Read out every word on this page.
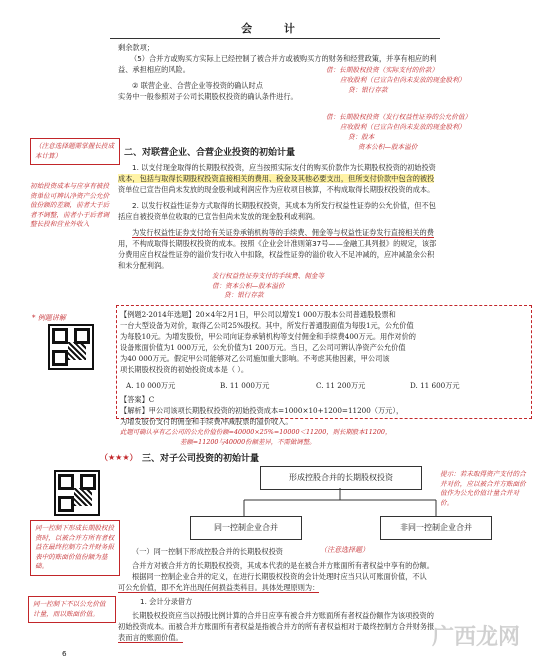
会 计
剩余款项；
（5）合并方或购买方实际上已经控制了被合并方或被购买方的财务和经营政策，并享有相应的利
益、承担相应的风险。
② 联营企业、合营企业等投资的确认时点
实务中一般参照对子公司长期股权投资的确认条件进行。
借：长期股权投资（实际支付的价款）
应收股利（已宣告但尚未发放的现金股利）
贷：银行存款
借：长期股权投资（发行权益性证券的公允价值）
应收股利（已宣告但尚未发放的现金股利）
贷：股本
资本公积—股本溢价
二、对联营企业、合营企业投资的初始计量
（注意选择题需掌握长投成本计算）
初始投资成本与应享有被投资单位可辨认净资产公允价值份额的差额，前者大于后者不调整，前者小于后者调整长投和营业外收入
1. 以支付现金取得的长期股权投资，应当按照实际支付的购买价款作为长期股权投资的初始投资
成本，包括与取得长期股权投资直接相关的费用、税金及其他必要支出，但所支付价款中包含的被投
资单位已宣告但尚未发放的现金股利或利润应作为应收项目核算，不构成取得长期股权投资的成本。
2. 以发行权益性证券方式取得的长期股权投资，其成本为所发行权益性证券的公允价值，但不包
括应自被投资单位收取的已宣告但尚未发放的现金股利或利润。
为发行权益性证券支付给有关证券承销机构等的手续费、佣金等与权益性证券发行直接相关的费
用，不构成取得长期股权投资的成本。按照《企业会计准则第37号——金融工具列报》的规定，该部
分费用应自权益性证券的溢价发行收入中扣除，权益性证券的溢价收入不足冲减的，应冲减盈余公积
和未分配利润。
发行权益性证券支付的手续费、佣金等
借：资本公积—股本溢价
贷：银行存款
* 例题讲解	【例题2·2014年选题】20×4年2月1日，甲公司以增发1 000万股本公司普通股股票和
一台大型设备为对价，取得乙公司25%股权。其中，所发行普通股面值为每股1元，公允价值
为每股10元。为增发股份，甲公司向证券承销机构等支付佣金和手续费400万元。用作对价的
设备账面价值为1 000万元，公允价值为1 200万元。当日，乙公司可辨认净资产公允价值
为40 000万元。假定甲公司能够对乙公司施加重大影响。不考虑其他因素，甲公司该
项长期股权投资的初始投资成本是（ ）。
A. 10 000万元	B. 11 000万元	C. 11 200万元	D. 11 600万元
【答案】C
【解析】甲公司该项长期股权投资的初始投资成本=1000×10+1200=11200（万元），
为增发股份支付的佣金和手续费冲减股票的溢价收入。
此题可确认享有乙公司的公允价值份额=40000×25%=10000＜11200，则长期股本11200，
差额=11200与40000份额差异，不需做调整。
（★★★） 三、对子公司投资的初始计量
形成控股合并的长期股权投资
同一控制企业合并	非同一控制企业合并
提示：若未取得资产支付的合并对价，应以被合并方账面价值作为公允价值计量合并对价。
同一控制下形成长期股权投资时，以被合并方所有者权益在最终控制方合并财务报表中的账面价值份额为基础。
（一）同一控制下形成控股合并的长期股权投资	（注意选择题）
合并方对被合并方的长期股权投资，其成本代表的是在被合并方账面所有者权益中享有的份额。
根据同一控制企业合并的定义，在进行长期股权投资的会计处理时应当只认可账面价值，不认
可公允价值，即不允许出现任何损益类科目。具体处理原则为：
1. 会计分录借方
长期股权投资应当以持股比例计算的合并日应享有被合并方账面所有者权益份额作为该项投资的
初始投资成本。而被合并方账面所有者权益是指被合并方的所有者权益相对于最终控制方合并财务报
表而言的账面价值。
同一控制下不以公允价值计量，而以账面价值。
6
广西龙网
